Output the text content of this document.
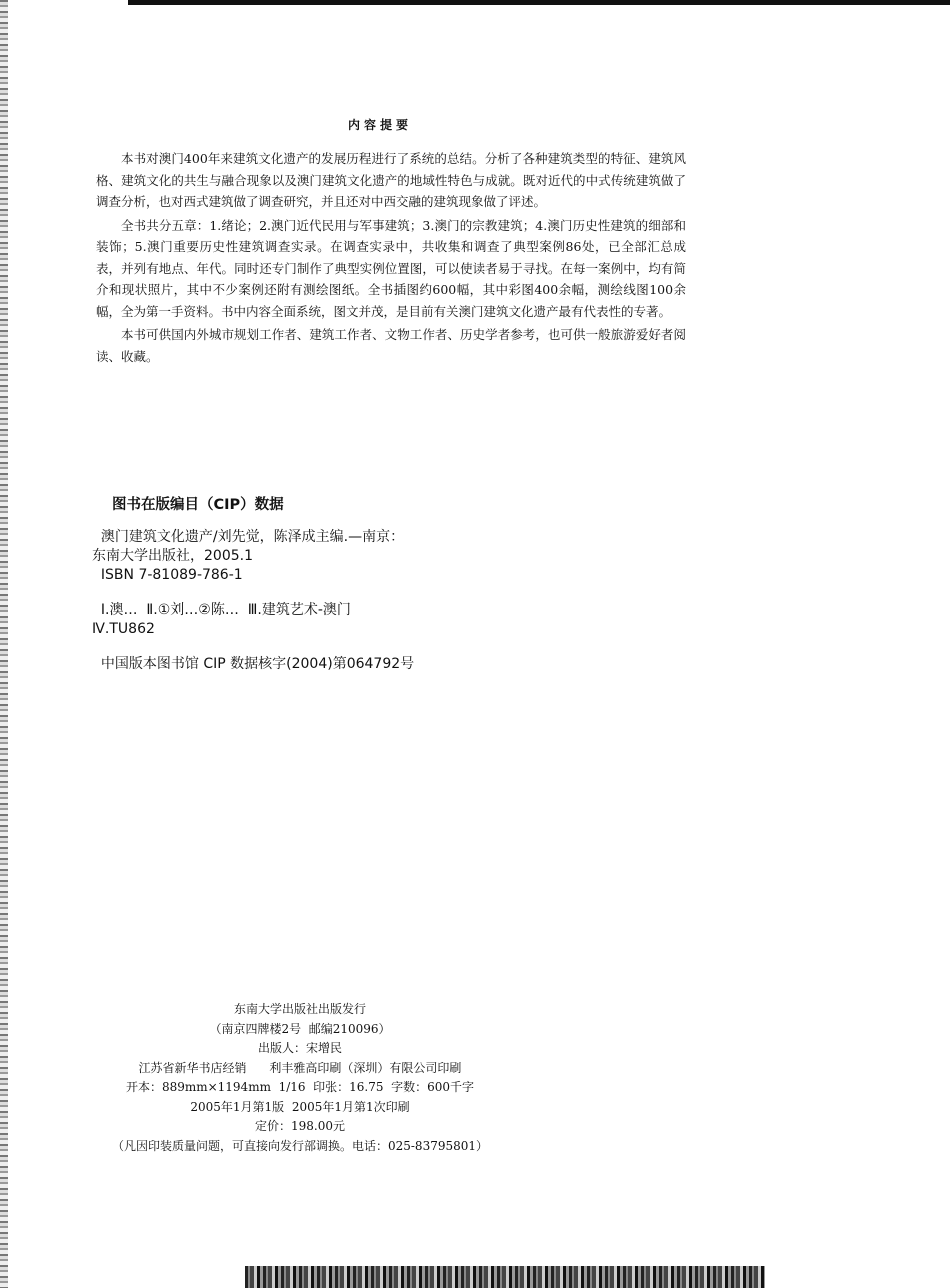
内容提要

本书对澳门400年来建筑文化遗产的发展历程进行了系统的总结。分析了各种建筑类型的特征、建筑风格、建筑文化的共生与融合现象以及澳门建筑文化遗产的地域性特色与成就。既对近代的中式传统建筑做了调查分析，也对西式建筑做了调查研究，并且还对中西交融的建筑现象做了评述。

全书共分五章：1.绪论；2.澳门近代民用与军事建筑；3.澳门的宗教建筑；4.澳门历史性建筑的细部和装饰；5.澳门重要历史性建筑调查实录。在调查实录中，共收集和调查了典型案例86处，已全部汇总成表，并列有地点、年代。同时还专门制作了典型实例位置图，可以使读者易于寻找。在每一案例中，均有简介和现状照片，其中不少案例还附有测绘图纸。全书插图约600幅，其中彩图400余幅，测绘线图100余幅，全为第一手资料。书中内容全面系统，图文并茂，是目前有关澳门建筑文化遗产最有代表性的专著。

本书可供国内外城市规划工作者、建筑工作者、文物工作者、历史学者参考，也可供一般旅游爱好者阅读、收藏。

图书在版编目（CIP）数据
澳门建筑文化遗产/刘先觉，陈泽成主编.—南京：
东南大学出版社，2005.1
ISBN 7-81089-786-1
Ⅰ.澳…  Ⅱ.①刘…②陈…  Ⅲ.建筑艺术-澳门
Ⅳ.TU862
中国版本图书馆 CIP 数据核字(2004)第064792号
东南大学出版社出版发行
（南京四牌楼2号  邮编210096）
出版人：宋增民
江苏省新华书店经销      利丰雅高印刷（深圳）有限公司印刷
开本：889mm×1194mm  1/16  印张：16.75  字数：600千字
2005年1月第1版  2005年1月第1次印刷
定价：198.00元
（凡因印装质量问题，可直接向发行部调换。电话：025-83795801）
